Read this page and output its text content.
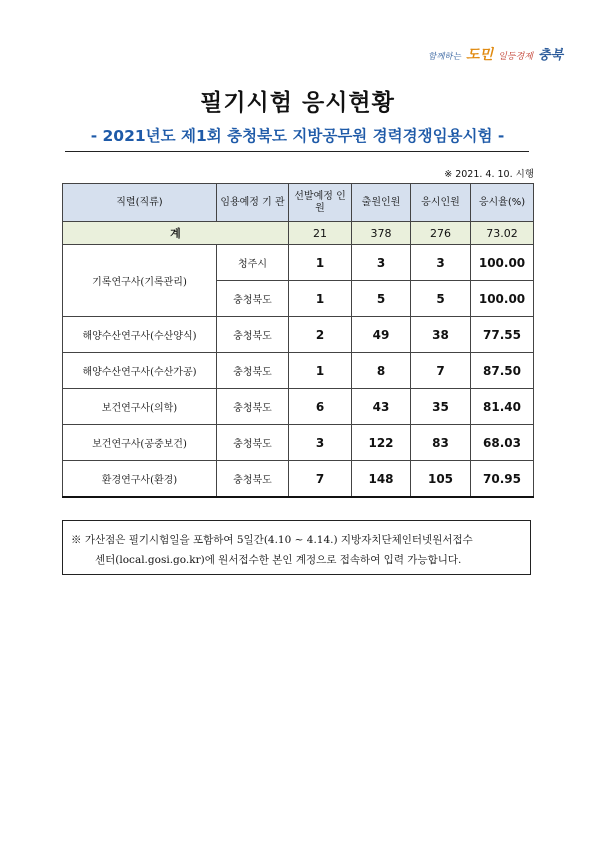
함께하는 도민 일등경제 충북
필기시험 응시현황
- 2021년도 제1회 충청북도 지방공무원 경력경쟁임용시험 -
※ 2021. 4. 10. 시행
직렬(직류)	임용예정 기 관	선발예정 인 원	출원인원	응시인원	응시율(%)
계		21	378	276	73.02
기록연구사(기록관리)	청주시	1	3	3	100.00
	충청북도	1	5	5	100.00
해양수산연구사(수산양식)	충청북도	2	49	38	77.55
해양수산연구사(수산가공)	충청북도	1	8	7	87.50
보건연구사(의학)	충청북도	6	43	35	81.40
보건연구사(공중보건)	충청북도	3	122	83	68.03
환경연구사(환경)	충청북도	7	148	105	70.95
※ 가산점은 필기시험일을 포함하여 5일간(4.10 ~ 4.14.) 지방자치단체인터넷원서접수
센터(local.gosi.go.kr)에 원서접수한 본인 계정으로 접속하여 입력 가능합니다.
